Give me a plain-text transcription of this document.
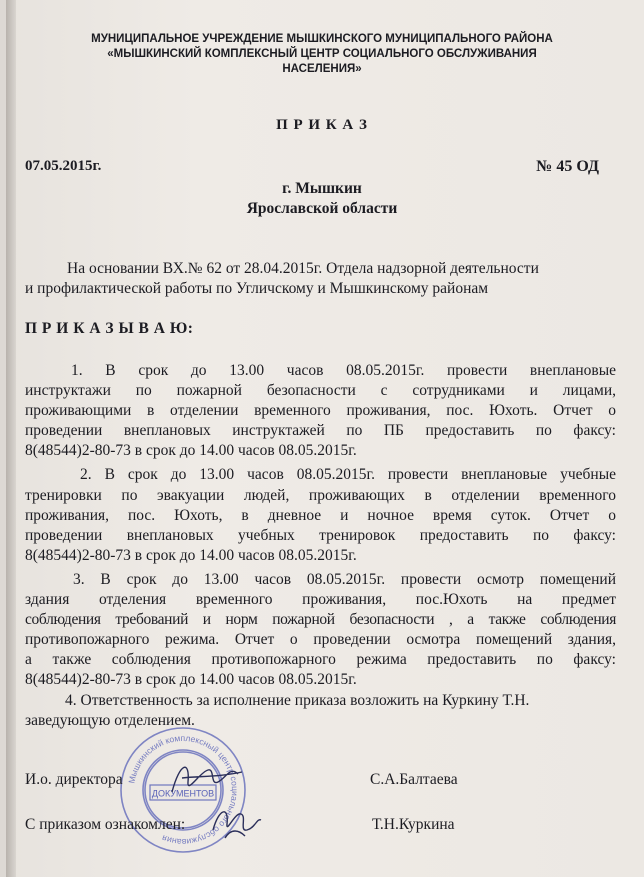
МУНИЦИПАЛЬНОЕ УЧРЕЖДЕНИЕ МЫШКИНСКОГО МУНИЦИПАЛЬНОГО РАЙОНА

«МЫШКИНСКИЙ КОМПЛЕКСНЫЙ ЦЕНТР СОЦИАЛЬНОГО ОБСЛУЖИВАНИЯ

НАСЕЛЕНИЯ»

П Р И К А З

07.05.2015г.	№ 45 ОД

г. Мышкин

Ярославской области

На основании ВХ.№ 62 от 28.04.2015г. Отдела надзорной деятельности

и профилактической работы по Угличскому и Мышкинскому районам

П Р И К А З Ы В А Ю:

1. В срок до 13.00 часов 08.05.2015г. провести внеплановые

инструктажи по пожарной безопасности с сотрудниками и лицами,

проживающими в отделении временного проживания, пос. Юхоть. Отчет о

проведении внеплановых инструктажей по ПБ предоставить по факсу:

8(48544)2-80-73 в срок до 14.00 часов 08.05.2015г.

2. В срок до 13.00 часов 08.05.2015г. провести внеплановые учебные

тренировки по эвакуации людей, проживающих в отделении временного

проживания, пос. Юхоть, в дневное и ночное время суток. Отчет о

проведении внеплановых учебных тренировок предоставить по факсу:

8(48544)2-80-73 в срок до 14.00 часов 08.05.2015г.

3. В срок до 13.00 часов 08.05.2015г. провести осмотр помещений

здания отделения временного проживания, пос.Юхоть на предмет

соблюдения требований и норм пожарной безопасности , а также соблюдения

противопожарного режима. Отчет о проведении осмотра помещений здания,

а также соблюдения противопожарного режима предоставить по факсу:

8(48544)2-80-73 в срок до 14.00 часов 08.05.2015г.

4. Ответственность за исполнение приказа возложить на Куркину Т.Н.

заведующую отделением.

Мышкинский комплексный центр социального обслуживания
ДОКУМЕНТОВ

И.о. директора	С.А.Балтаева

С приказом ознакомлен:	Т.Н.Куркина
